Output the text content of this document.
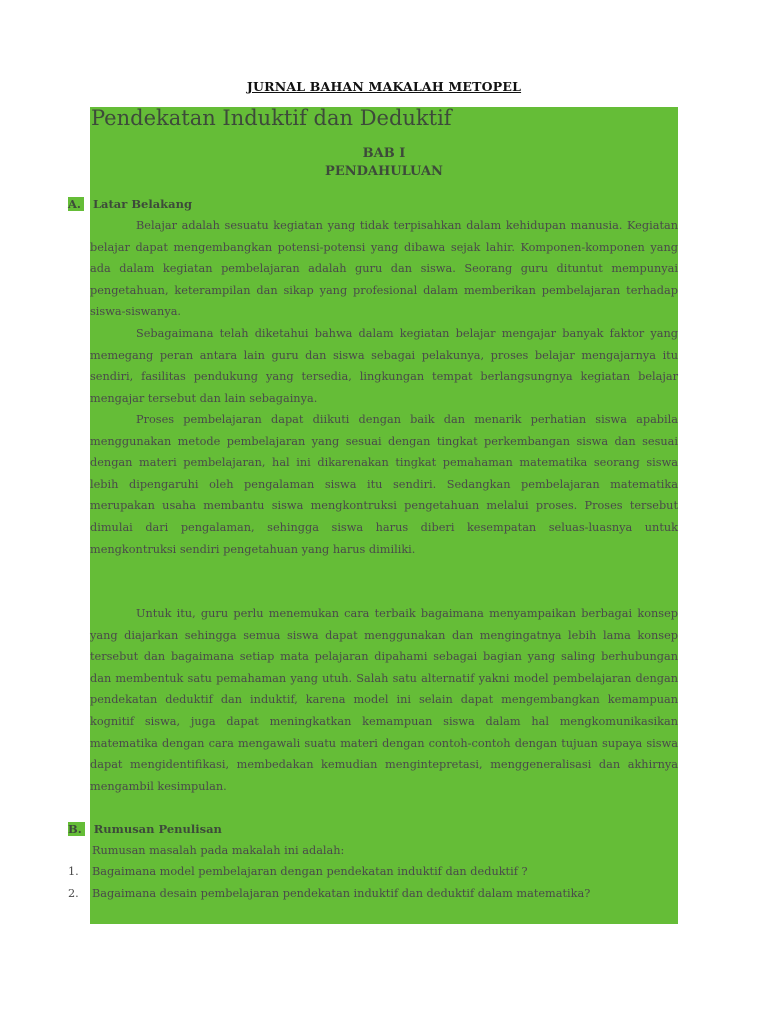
JURNAL BAHAN MAKALAH METOPEL
Pendekatan Induktif dan Deduktif
BAB I
PENDAHULUAN
A. Latar Belakang

Belajar adalah sesuatu kegiatan yang tidak terpisahkan dalam kehidupan manusia. Kegiatan belajar dapat mengembangkan potensi-potensi yang dibawa sejak lahir. Komponen-komponen yang ada dalam kegiatan pembelajaran adalah guru dan siswa. Seorang guru dituntut mempunyai pengetahuan, keterampilan dan sikap yang profesional dalam memberikan pembelajaran terhadap siswa-siswanya.

Sebagaimana telah diketahui bahwa dalam kegiatan belajar mengajar banyak faktor yang memegang peran antara lain guru dan siswa sebagai pelakunya, proses belajar mengajarnya itu sendiri, fasilitas pendukung yang tersedia, lingkungan tempat berlangsungnya kegiatan belajar mengajar tersebut dan lain sebagainya.

Proses pembelajaran dapat diikuti dengan baik dan menarik perhatian siswa apabila menggunakan metode pembelajaran yang sesuai dengan tingkat perkembangan siswa dan sesuai dengan materi pembelajaran, hal ini dikarenakan tingkat pemahaman matematika seorang siswa lebih dipengaruhi oleh pengalaman siswa itu sendiri. Sedangkan pembelajaran matematika merupakan usaha membantu siswa mengkontruksi pengetahuan melalui proses. Proses tersebut dimulai dari pengalaman, sehingga siswa harus diberi kesempatan seluas-luasnya untuk mengkontruksi sendiri pengetahuan yang harus dimiliki.

Untuk itu, guru perlu menemukan cara terbaik bagaimana menyampaikan berbagai konsep yang diajarkan sehingga semua siswa dapat menggunakan dan mengingatnya lebih lama konsep tersebut dan bagaimana setiap mata pelajaran dipahami sebagai bagian yang saling berhubungan dan membentuk satu pemahaman yang utuh. Salah satu alternatif yakni model pembelajaran dengan pendekatan deduktif dan induktif, karena model ini selain dapat mengembangkan kemampuan kognitif siswa, juga dapat meningkatkan kemampuan siswa dalam hal mengkomunikasikan matematika dengan cara mengawali suatu materi dengan contoh-contoh dengan tujuan supaya siswa dapat mengidentifikasi, membedakan kemudian mengintepretasi, menggeneralisasi dan akhirnya mengambil kesimpulan.

B. Rumusan Penulisan
Rumusan masalah pada makalah ini adalah:
1. Bagaimana model pembelajaran dengan pendekatan induktif dan deduktif ?
2. Bagaimana desain pembelajaran pendekatan induktif dan deduktif dalam matematika?
